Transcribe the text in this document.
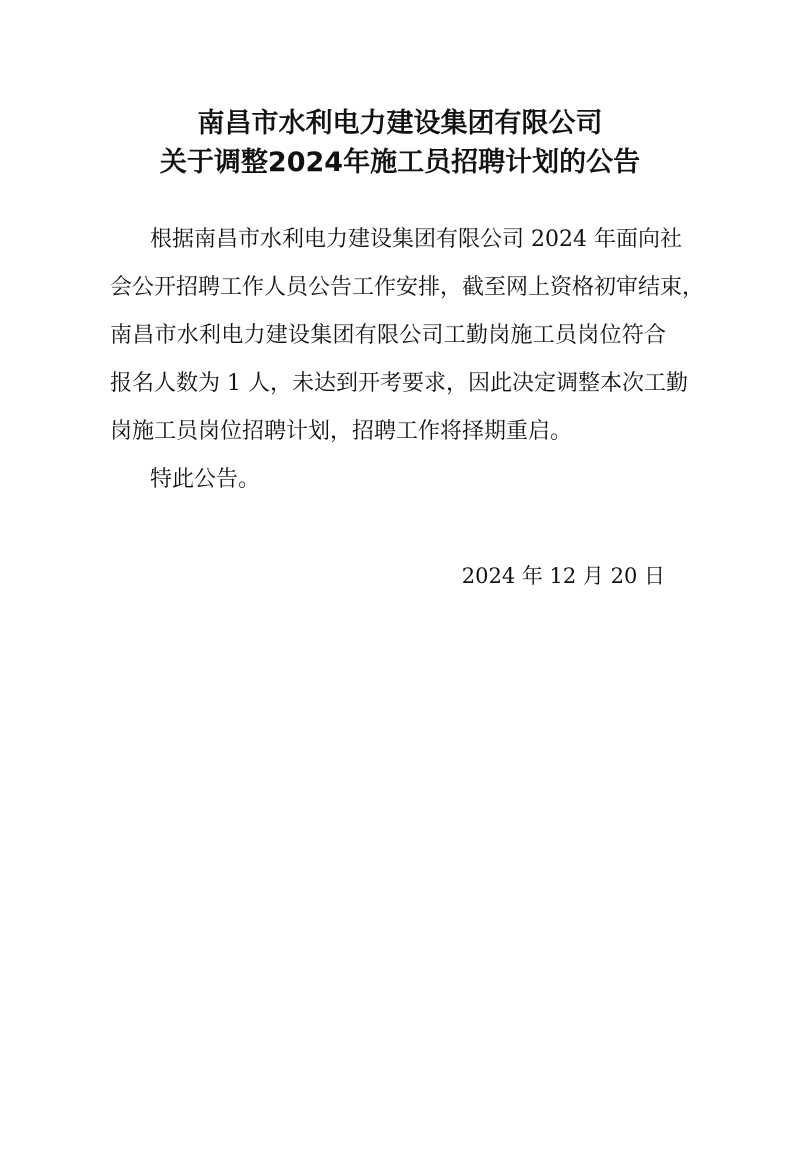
南昌市水利电力建设集团有限公司
关于调整2024年施工员招聘计划的公告
根据南昌市水利电力建设集团有限公司 2024 年面向社
会公开招聘工作人员公告工作安排，截至网上资格初审结束，
南昌市水利电力建设集团有限公司工勤岗施工员岗位符合
报名人数为 1 人，未达到开考要求，因此决定调整本次工勤
岗施工员岗位招聘计划，招聘工作将择期重启。
特此公告。
2024 年 12 月 20 日
